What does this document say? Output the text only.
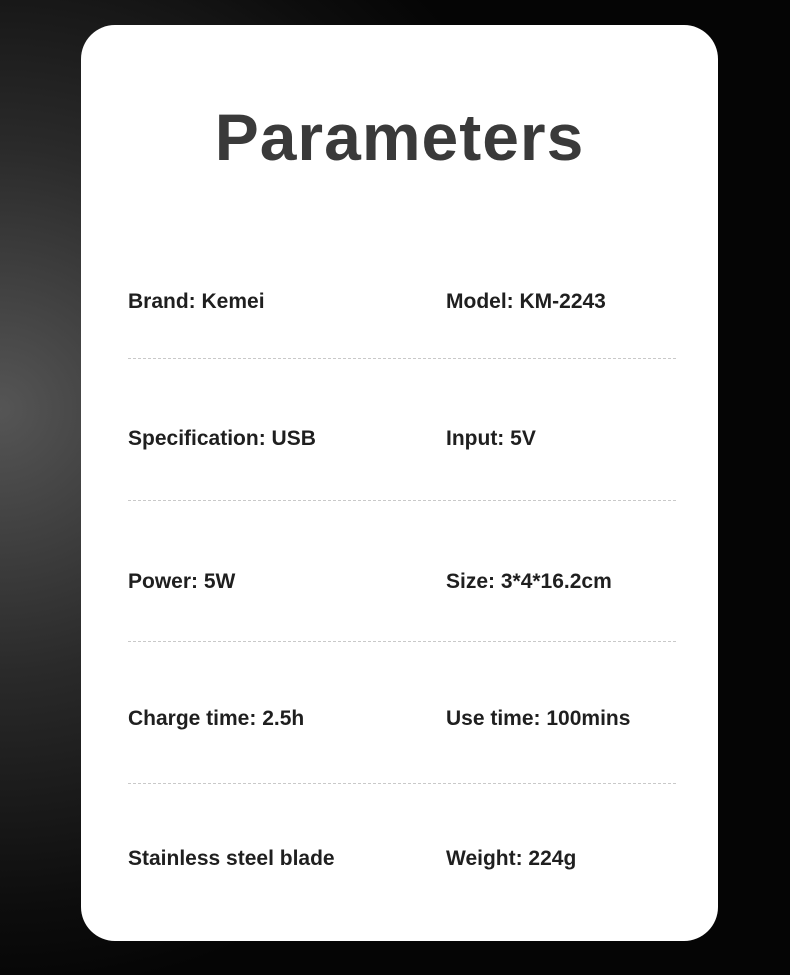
Parameters
Brand: Kemei	Model: KM-2243
Specification: USB	Input: 5V
Power: 5W	Size: 3*4*16.2cm
Charge time: 2.5h	Use time: 100mins
Stainless steel blade	Weight: 224g
